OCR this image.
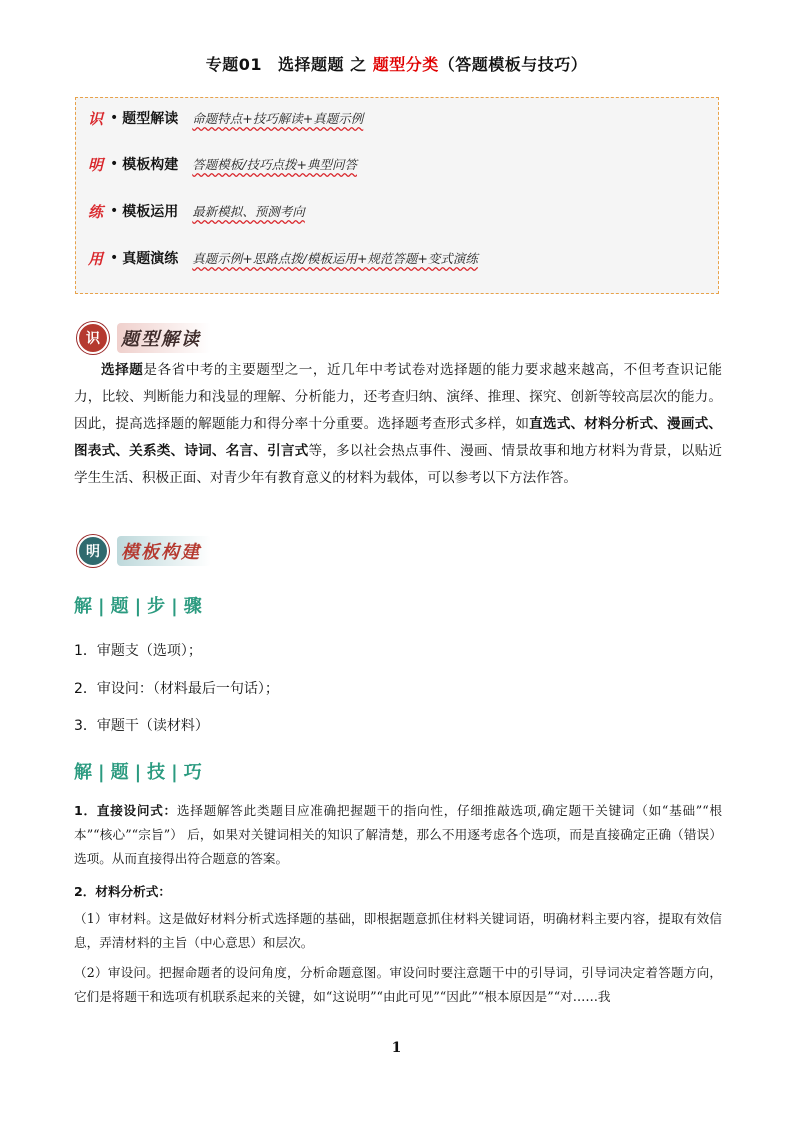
专题01 选择题题 之 题型分类（答题模板与技巧）
识 • 题型解读 命题特点+技巧解读+真题示例
明 • 模板构建 答题模板/技巧点拨+典型问答
练 • 模板运用 最新模拟、预测考向
用 • 真题演练 真题示例+思路点拨/模板运用+规范答题+变式演练
识	题型解读
选择题是各省中考的主要题型之一，近几年中考试卷对选择题的能力要求越来越高，不但考查识记能力，比较、判断能力和浅显的理解、分析能力，还考查归纳、演绎、推理、探究、创新等较高层次的能力。因此，提高选择题的解题能力和得分率十分重要。选择题考查形式多样，如直选式、材料分析式、漫画式、图表式、关系类、诗词、名言、引言式等，多以社会热点事件、漫画、情景故事和地方材料为背景，以贴近学生生活、积极正面、对青少年有教育意义的材料为载体，可以参考以下方法作答。
明	模板构建
解 | 题 | 步 | 骤
1．审题支（选项）；
2．审设问：（材料最后一句话）；
3．审题干（读材料）
解 | 题 | 技 | 巧
1．直接设问式：选择题解答此类题目应准确把握题干的指向性，仔细推敲选项,确定题干关键词（如“基础”“根本”“核心”“宗旨”） 后，如果对关键词相关的知识了解清楚，那么不用逐考虑各个选项，而是直接确定正确（错误）选项。从而直接得出符合题意的答案。
2．材料分析式：
（1）审材料。这是做好材料分析式选择题的基础，即根据题意抓住材料关键词语，明确材料主要内容，提取有效信息，弄清材料的主旨（中心意思）和层次。
（2）审设问。把握命题者的设问角度，分析命题意图。审设问时要注意题干中的引导词，引导词决定着答题方向，它们是将题干和选项有机联系起来的关键，如“这说明”“由此可见”“因此”“根本原因是”“对……我
1
